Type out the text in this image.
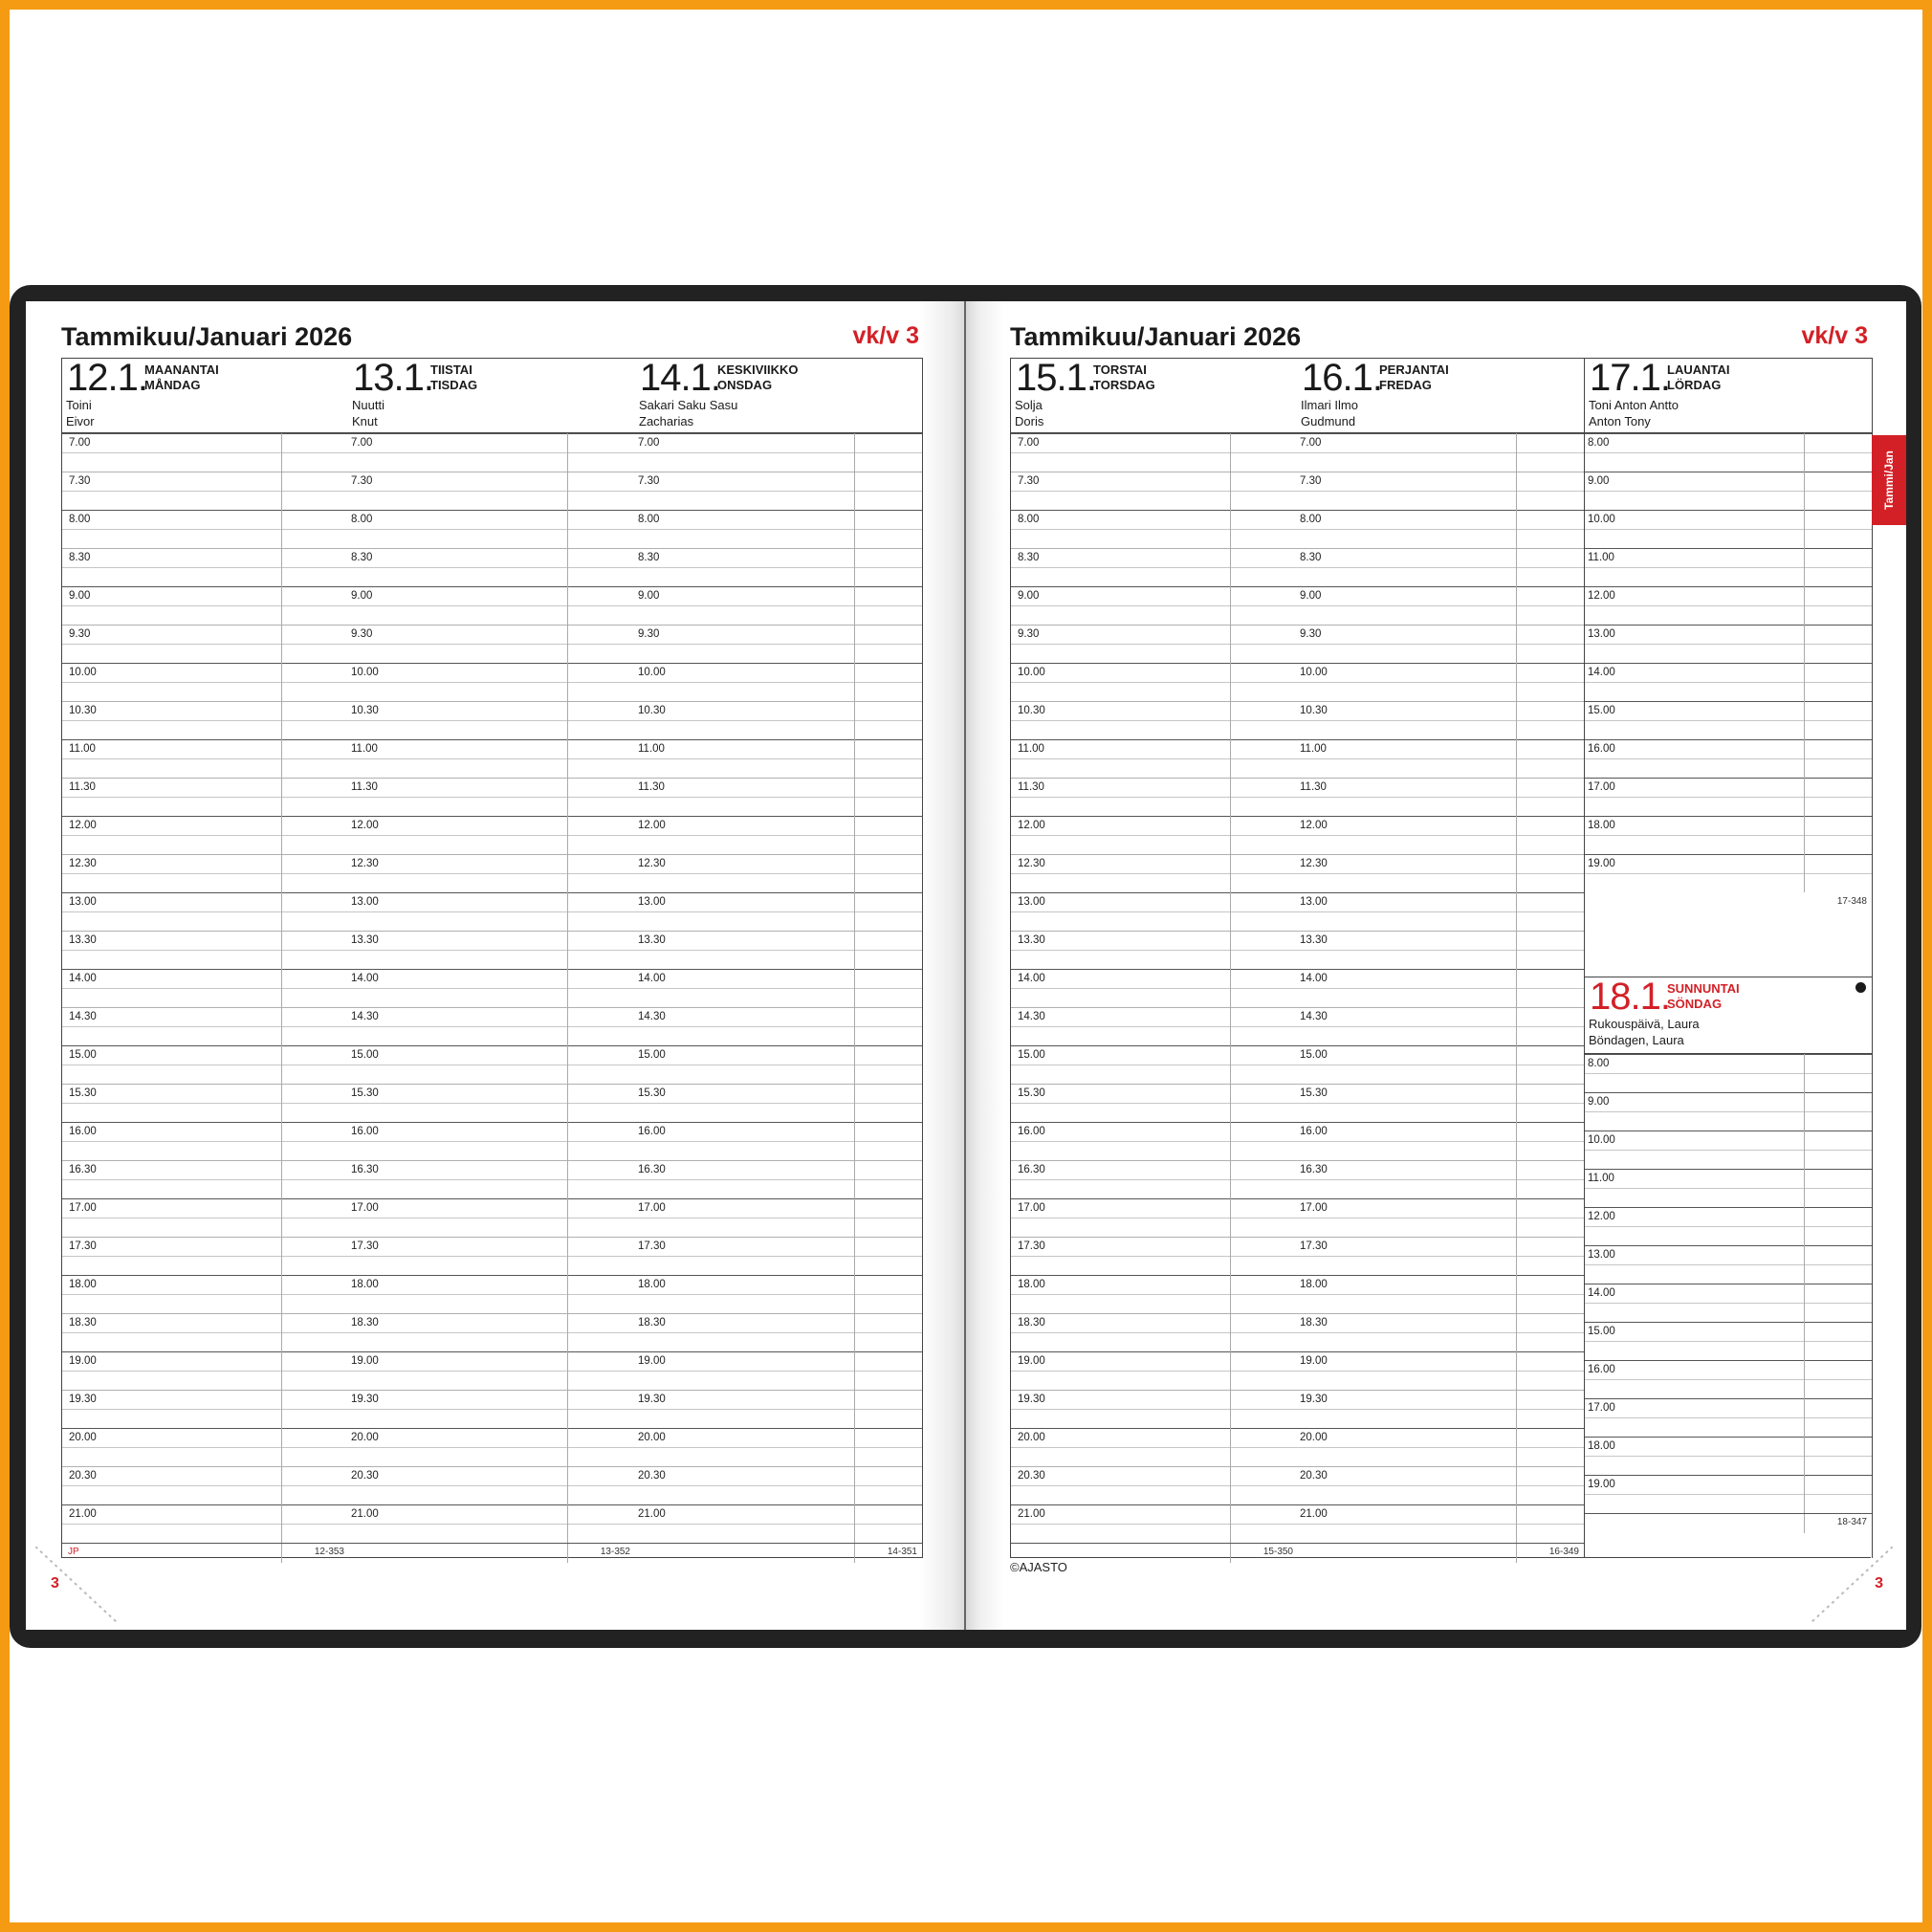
Tammikuu/Januari 2026	vk/v 3
12.1.
MAANANTAI
MÅNDAG
Toini
Eivor
7.00
7.30
8.00
8.30
9.00
9.30
10.00
10.30
11.00
11.30
12.00
12.30
13.00
13.30
14.00
14.30
15.00
15.30
16.00
16.30
17.00
17.30
18.00
18.30
19.00
19.30
20.00
20.30
21.00
JP	12-353
13.1.
TIISTAI
TISDAG
Nuutti
Knut
7.00
7.30
8.00
8.30
9.00
9.30
10.00
10.30
11.00
11.30
12.00
12.30
13.00
13.30
14.00
14.30
15.00
15.30
16.00
16.30
17.00
17.30
18.00
18.30
19.00
19.30
20.00
20.30
21.00
13-352
14.1.
KESKIVIIKKO
ONSDAG
Sakari Saku Sasu
Zacharias
7.00
7.30
8.00
8.30
9.00
9.30
10.00
10.30
11.00
11.30
12.00
12.30
13.00
13.30
14.00
14.30
15.00
15.30
16.00
16.30
17.00
17.30
18.00
18.30
19.00
19.30
20.00
20.30
21.00
14-351
3
Tammikuu/Januari 2026	vk/v 3
15.1.
TORSTAI
TORSDAG
Solja
Doris
7.00
7.30
8.00
8.30
9.00
9.30
10.00
10.30
11.00
11.30
12.00
12.30
13.00
13.30
14.00
14.30
15.00
15.30
16.00
16.30
17.00
17.30
18.00
18.30
19.00
19.30
20.00
20.30
21.00
15-350
16.1.
PERJANTAI
FREDAG
Ilmari Ilmo
Gudmund
7.00
7.30
8.00
8.30
9.00
9.30
10.00
10.30
11.00
11.30
12.00
12.30
13.00
13.30
14.00
14.30
15.00
15.30
16.00
16.30
17.00
17.30
18.00
18.30
19.00
19.30
20.00
20.30
21.00
16-349
17.1.
LAUANTAI
LÖRDAG
Toni Anton Antto
Anton Tony
8.00
9.00
10.00
11.00
12.00
13.00
14.00
15.00
16.00
17.00
18.00
19.00
17-348
18.1.
SUNNUNTAI
SÖNDAG
Rukouspäivä, Laura
Böndagen, Laura
8.00
9.00
10.00
11.00
12.00
13.00
14.00
15.00
16.00
17.00
18.00
19.00
18-347
©AJASTO
3
Tammi/Jan
